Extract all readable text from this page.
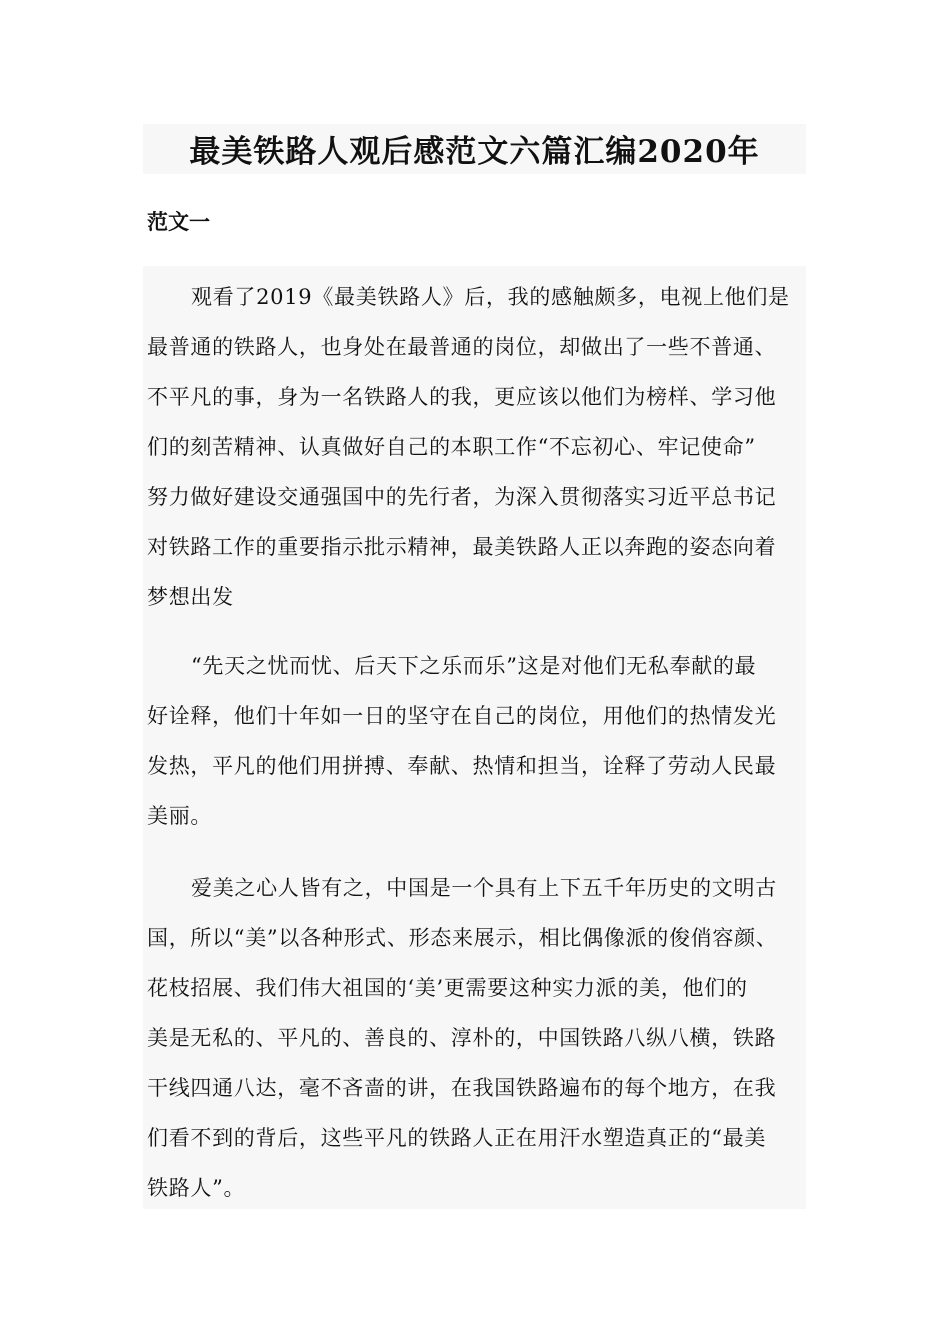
最美铁路人观后感范文六篇汇编2020年
范文一
观看了2019《最美铁路人》后，我的感触颇多，电视上他们是
最普通的铁路人，也身处在最普通的岗位，却做出了一些不普通、
不平凡的事，身为一名铁路人的我，更应该以他们为榜样、学习他
们的刻苦精神、认真做好自己的本职工作“不忘初心、牢记使命”
努力做好建设交通强国中的先行者，为深入贯彻落实习近平总书记
对铁路工作的重要指示批示精神，最美铁路人正以奔跑的姿态向着
梦想出发
“先天之忧而忧、后天下之乐而乐”这是对他们无私奉献的最
好诠释，他们十年如一日的坚守在自己的岗位，用他们的热情发光
发热，平凡的他们用拼搏、奉献、热情和担当，诠释了劳动人民最
美丽。
爱美之心人皆有之，中国是一个具有上下五千年历史的文明古
国，所以“美”以各种形式、形态来展示，相比偶像派的俊俏容颜、
花枝招展、我们伟大祖国的‘美’更需要这种实力派的美，他们的
美是无私的、平凡的、善良的、淳朴的，中国铁路八纵八横，铁路
干线四通八达，毫不吝啬的讲，在我国铁路遍布的每个地方，在我
们看不到的背后，这些平凡的铁路人正在用汗水塑造真正的“最美
铁路人”。
